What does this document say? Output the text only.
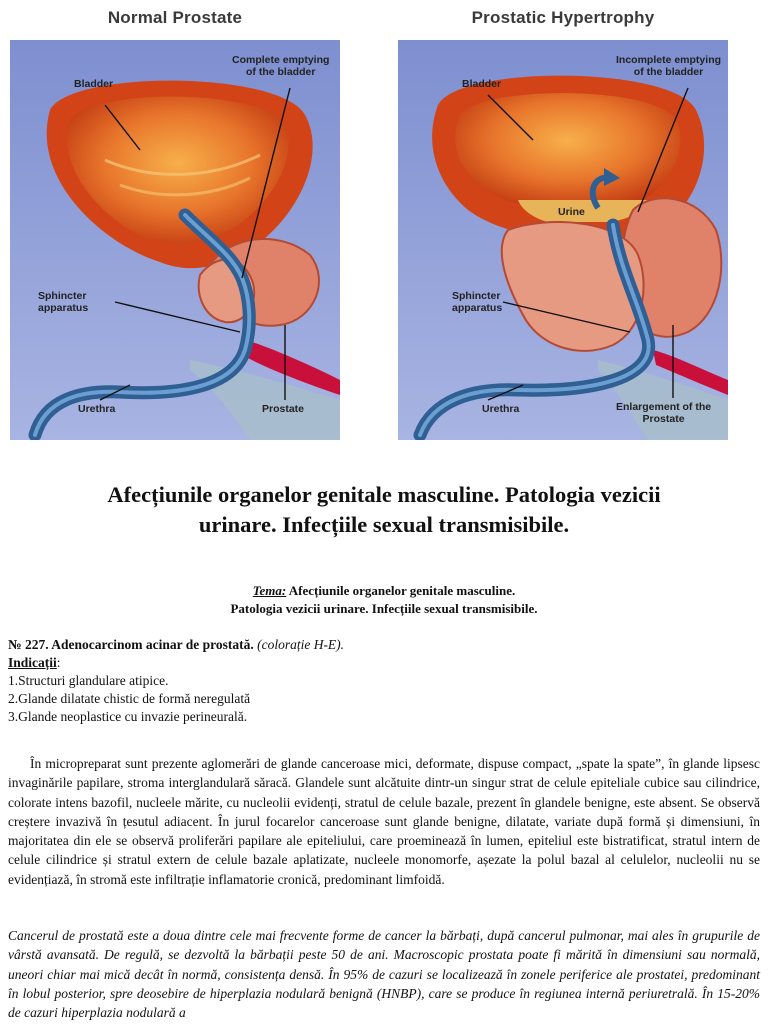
Normal Prostate
Bladder
Complete emptying
of the bladder
Sphincter
apparatus
Urethra	Prostate
Prostatic Hypertrophy
Bladder
Incomplete emptying
of the bladder
Urine
Sphincter
apparatus
Urethra	Enlargement of the
Prostate
Afecțiunile organelor genitale masculine. Patologia vezicii
urinare. Infecțiile sexual transmisibile.
Tema: Afecțiunile organelor genitale masculine.
Patologia vezicii urinare. Infecțiile sexual transmisibile.
№ 227. Adenocarcinom acinar de prostată. (colorație H-E).
Indicații:
1.Structuri glandulare atipice.
2.Glande dilatate chistic de formă neregulată
3.Glande neoplastice cu invazie perineurală.
În micropreparat sunt prezente aglomerări de glande canceroase mici, deformate, dispuse compact, „spate la spate”, în glande lipsesc invaginările papilare, stroma interglandulară săracă. Glandele sunt alcătuite dintr-un singur strat de celule epiteliale cubice sau cilindrice, colorate intens bazofil, nucleele mărite, cu nucleolii evidenți, stratul de celule bazale, prezent în glandele benigne, este absent. Se observă creștere invazivă în țesutul adiacent. În jurul focarelor canceroase sunt glande benigne, dilatate, variate după formă și dimensiuni, în majoritatea din ele se observă proliferări papilare ale epiteliului, care proeminează în lumen, epiteliul este bistratificat, stratul intern de celule cilindrice și stratul extern de celule bazale aplatizate, nucleele monomorfe, așezate la polul bazal al celulelor, nucleolii nu se evidențiază, în stromă este infiltrație inflamatorie cronică, predominant limfoidă.
Cancerul de prostată este a doua dintre cele mai frecvente forme de cancer la bărbați, după cancerul pulmonar, mai ales în grupurile de vârstă avansată. De regulă, se dezvoltă la bărbații peste 50 de ani. Macroscopic prostata poate fi mărită în dimensiuni sau normală, uneori chiar mai mică decât în normă, consistența densă. În 95% de cazuri se localizează în zonele periferice ale prostatei, predominant în lobul posterior, spre deosebire de hiperplazia nodulară benignă (HNBP), care se produce în regiunea internă periuretrală. În 15-20% de cazuri hiperplazia nodulară a
